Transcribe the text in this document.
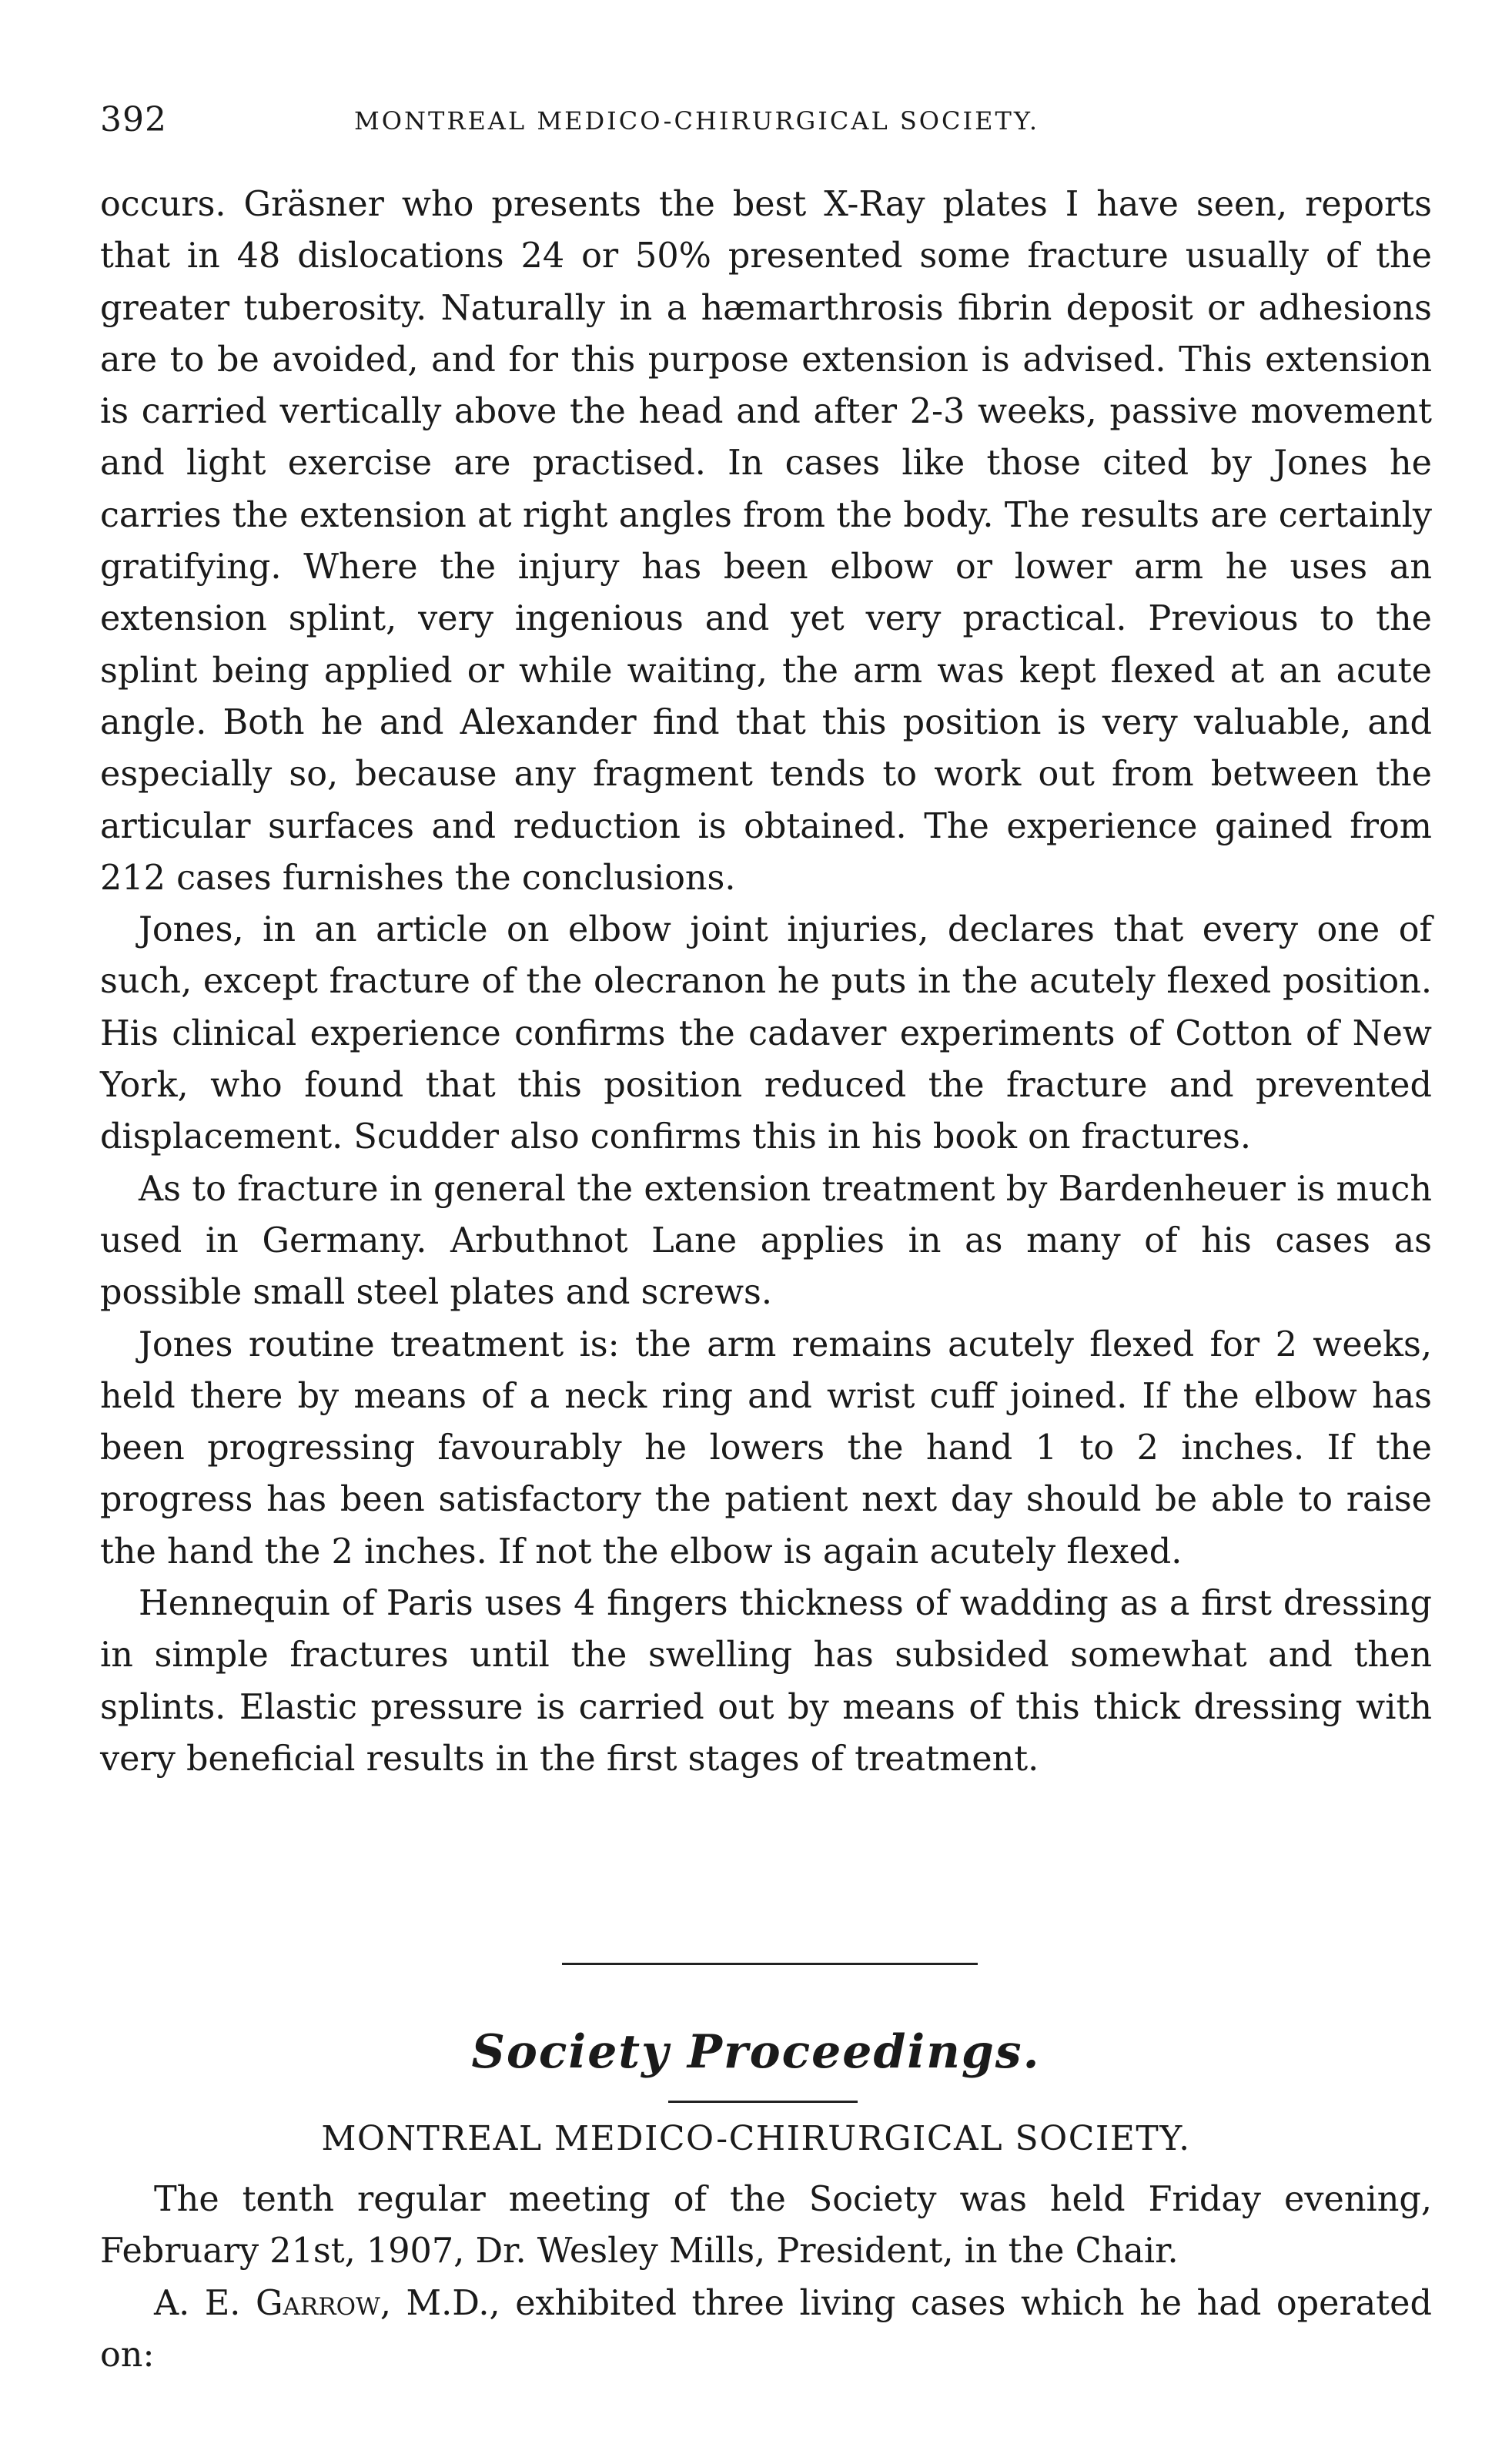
392	MONTREAL MEDICO-CHIRURGICAL SOCIETY.

occurs. Gräsner who presents the best X-Ray plates I have seen, reports that in 48 dislocations 24 or 50% presented some fracture usually of the greater tuberosity. Naturally in a hæmarthrosis fibrin deposit or adhesions are to be avoided, and for this purpose extension is advised. This extension is carried vertically above the head and after 2-3 weeks, passive movement and light exercise are practised. In cases like those cited by Jones he carries the extension at right angles from the body. The results are certainly gratifying. Where the injury has been elbow or lower arm he uses an extension splint, very ingenious and yet very practical. Previous to the splint being applied or while waiting, the arm was kept flexed at an acute angle. Both he and Alexander find that this position is very valuable, and especially so, because any fragment tends to work out from between the articular surfaces and reduction is obtained. The experience gained from 212 cases furnishes the conclusions.

Jones, in an article on elbow joint injuries, declares that every one of such, except fracture of the olecranon he puts in the acutely flexed position. His clinical experience confirms the cadaver experiments of Cotton of New York, who found that this position reduced the fracture and prevented displacement. Scudder also confirms this in his book on fractures.

As to fracture in general the extension treatment by Bardenheuer is much used in Germany. Arbuthnot Lane applies in as many of his cases as possible small steel plates and screws.

Jones routine treatment is: the arm remains acutely flexed for 2 weeks, held there by means of a neck ring and wrist cuff joined. If the elbow has been progressing favourably he lowers the hand 1 to 2 inches. If the progress has been satisfactory the patient next day should be able to raise the hand the 2 inches. If not the elbow is again acutely flexed.

Hennequin of Paris uses 4 fingers thickness of wadding as a first dressing in simple fractures until the swelling has subsided somewhat and then splints. Elastic pressure is carried out by means of this thick dressing with very beneficial results in the first stages of treatment.

Society Proceedings.
MONTREAL MEDICO-CHIRURGICAL SOCIETY.

The tenth regular meeting of the Society was held Friday evening, February 21st, 1907, Dr. Wesley Mills, President, in the Chair.

A. E. Garrow, M.D., exhibited three living cases which he had operated on:
